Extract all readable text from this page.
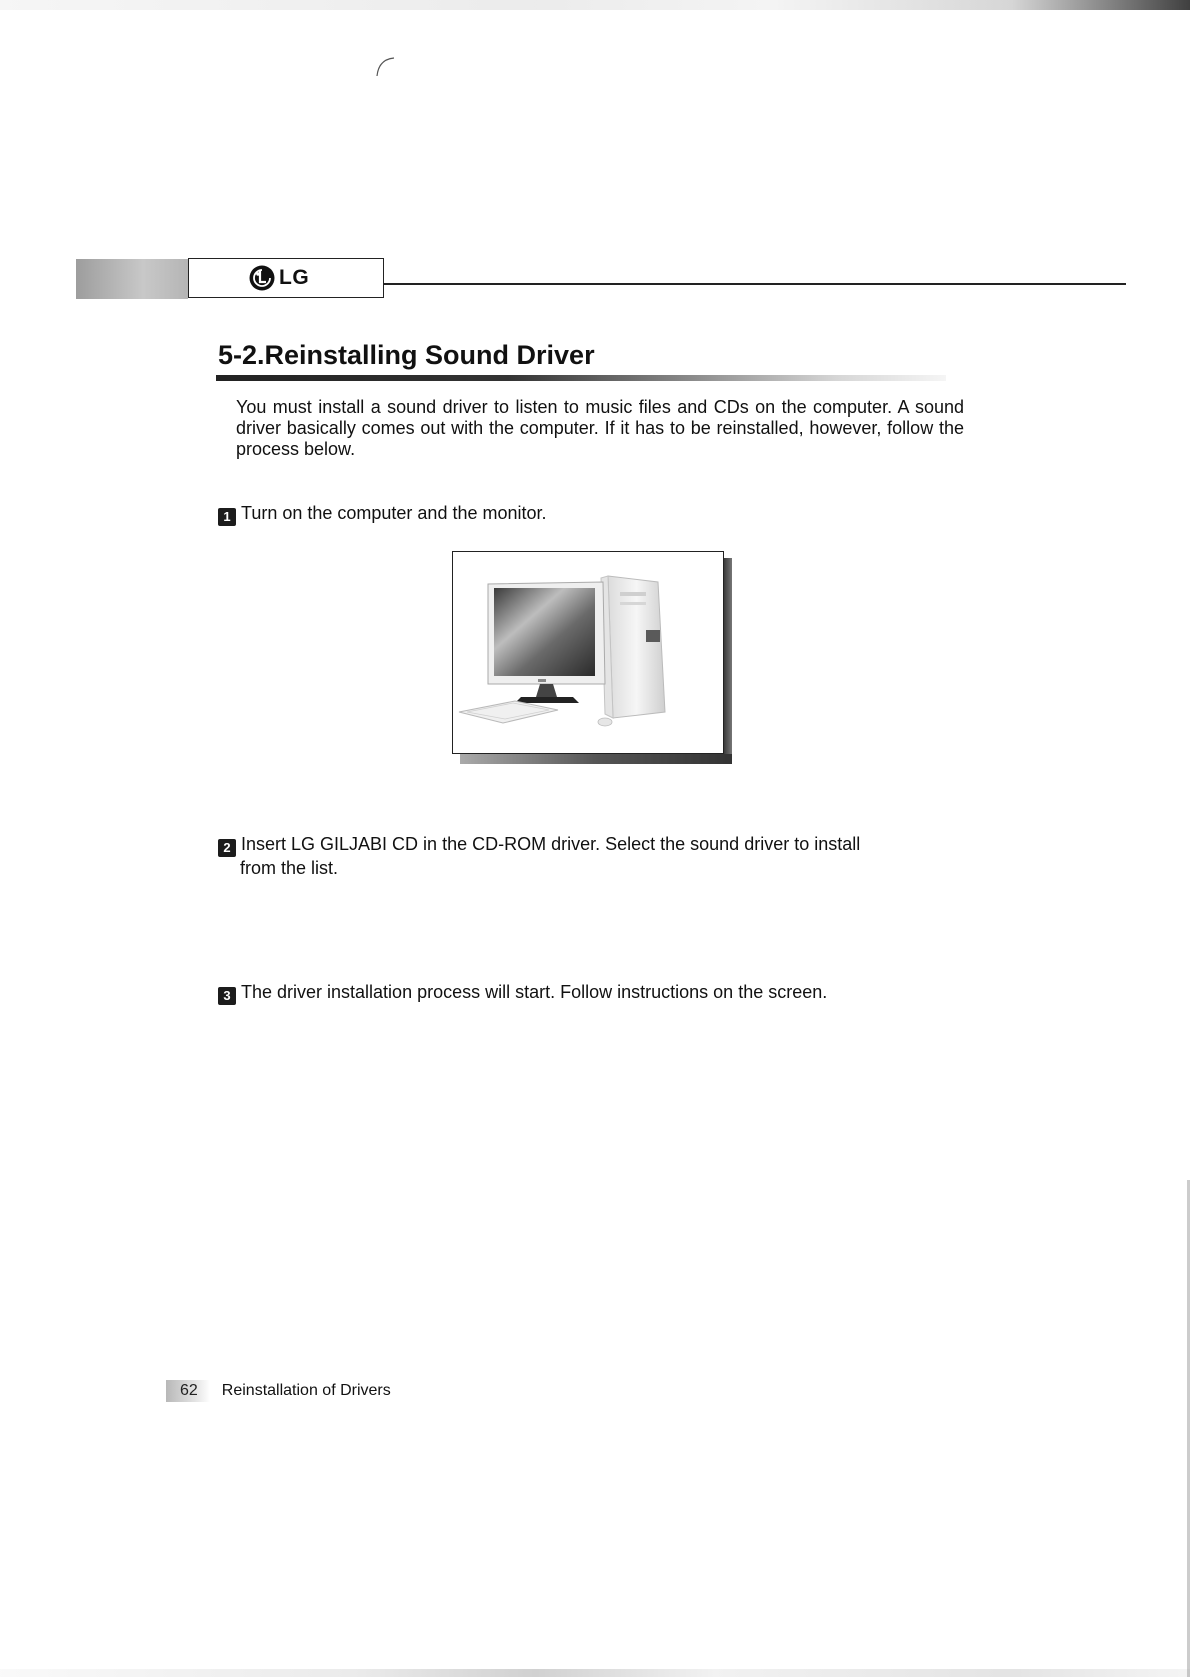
LG
5-2.Reinstalling Sound Driver

You must install a sound driver to listen to music files and CDs on the computer. A sound driver basically comes out with the computer. If it has to be reinstalled, however, follow the process below.

1 Turn on the computer and the monitor.
2 Insert LG GILJABI CD in the CD-ROM driver. Select the sound driver to install
from the list.
3 The driver installation process will start. Follow instructions on the screen.
62	Reinstallation of Drivers
